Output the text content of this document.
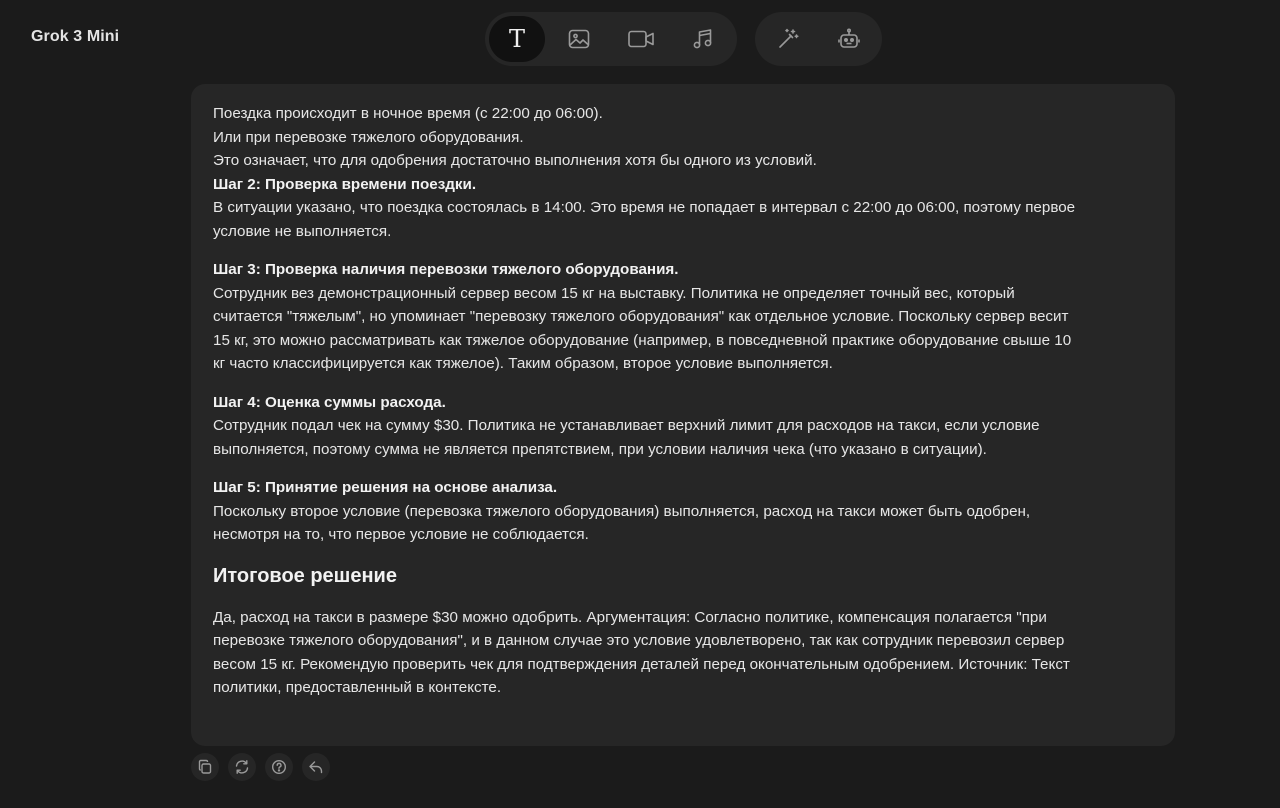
Grok 3 Mini	T
Поездка происходит в ночное время (с 22:00 до 06:00).
Или при перевозке тяжелого оборудования.
Это означает, что для одобрения достаточно выполнения хотя бы одного из условий.
Шаг 2: Проверка времени поездки.
В ситуации указано, что поездка состоялась в 14:00. Это время не попадает в интервал с 22:00 до 06:00, поэтому первое
условие не выполняется.
Шаг 3: Проверка наличия перевозки тяжелого оборудования.
Сотрудник вез демонстрационный сервер весом 15 кг на выставку. Политика не определяет точный вес, который
считается "тяжелым", но упоминает "перевозку тяжелого оборудования" как отдельное условие. Поскольку сервер весит
15 кг, это можно рассматривать как тяжелое оборудование (например, в повседневной практике оборудование свыше 10
кг часто классифицируется как тяжелое). Таким образом, второе условие выполняется.
Шаг 4: Оценка суммы расхода.
Сотрудник подал чек на сумму $30. Политика не устанавливает верхний лимит для расходов на такси, если условие
выполняется, поэтому сумма не является препятствием, при условии наличия чека (что указано в ситуации).
Шаг 5: Принятие решения на основе анализа.
Поскольку второе условие (перевозка тяжелого оборудования) выполняется, расход на такси может быть одобрен,
несмотря на то, что первое условие не соблюдается.
Итоговое решение
Да, расход на такси в размере $30 можно одобрить. Аргументация: Согласно политике, компенсация полагается "при
перевозке тяжелого оборудования", и в данном случае это условие удовлетворено, так как сотрудник перевозил сервер
весом 15 кг. Рекомендую проверить чек для подтверждения деталей перед окончательным одобрением. Источник: Текст
политики, предоставленный в контексте.
